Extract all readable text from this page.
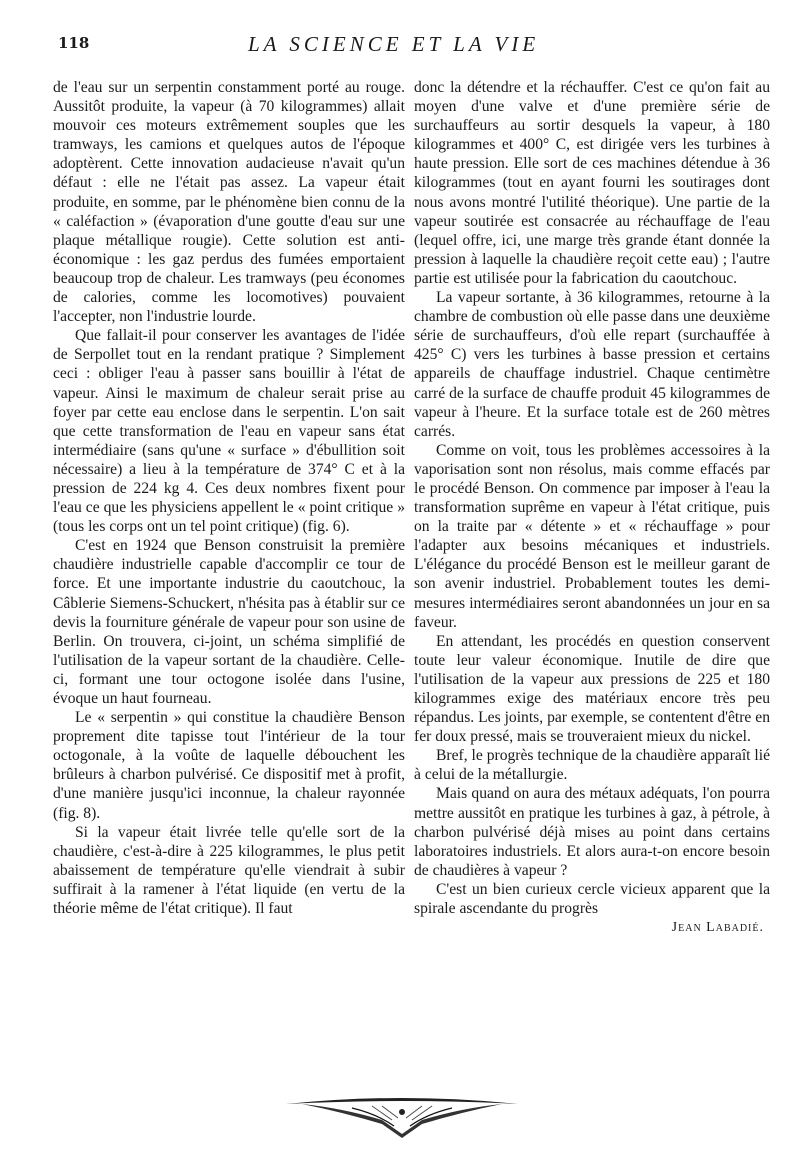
118	LA SCIENCE ET LA VIE

de l'eau sur un serpentin constamment porté au rouge. Aussitôt produite, la vapeur (à 70 kilogrammes) allait mouvoir ces moteurs extrêmement souples que les tramways, les camions et quelques autos de l'époque adoptèrent. Cette innovation audacieuse n'avait qu'un défaut : elle ne l'était pas assez. La vapeur était produite, en somme, par le phénomène bien connu de la « caléfaction » (évaporation d'une goutte d'eau sur une plaque métallique rougie). Cette solution est anti-économique : les gaz perdus des fumées emportaient beaucoup trop de chaleur. Les tramways (peu économes de calories, comme les locomotives) pouvaient l'accepter, non l'industrie lourde.

Que fallait-il pour conserver les avantages de l'idée de Serpollet tout en la rendant pratique ? Simplement ceci : obliger l'eau à passer sans bouillir à l'état de vapeur. Ainsi le maximum de chaleur serait prise au foyer par cette eau enclose dans le serpentin. L'on sait que cette transformation de l'eau en vapeur sans état intermédiaire (sans qu'une « surface » d'ébullition soit nécessaire) a lieu à la température de 374° C et à la pression de 224 kg 4. Ces deux nombres fixent pour l'eau ce que les physiciens appellent le « point critique » (tous les corps ont un tel point critique) (fig. 6).

C'est en 1924 que Benson construisit la première chaudière industrielle capable d'accomplir ce tour de force. Et une importante industrie du caoutchouc, la Câblerie Siemens-Schuckert, n'hésita pas à établir sur ce devis la fourniture générale de vapeur pour son usine de Berlin. On trouvera, ci-joint, un schéma simplifié de l'utilisation de la vapeur sortant de la chaudière. Celle-ci, formant une tour octogone isolée dans l'usine, évoque un haut fourneau.

Le « serpentin » qui constitue la chaudière Benson proprement dite tapisse tout l'intérieur de la tour octogonale, à la voûte de laquelle débouchent les brûleurs à charbon pulvérisé. Ce dispositif met à profit, d'une manière jusqu'ici inconnue, la chaleur rayonnée (fig. 8).

Si la vapeur était livrée telle qu'elle sort de la chaudière, c'est-à-dire à 225 kilogrammes, le plus petit abaissement de température qu'elle viendrait à subir suffirait à la ramener à l'état liquide (en vertu de la théorie même de l'état critique). Il faut

donc la détendre et la réchauffer. C'est ce qu'on fait au moyen d'une valve et d'une première série de surchauffeurs au sortir desquels la vapeur, à 180 kilogrammes et 400° C, est dirigée vers les turbines à haute pression. Elle sort de ces machines détendue à 36 kilogrammes (tout en ayant fourni les soutirages dont nous avons montré l'utilité théorique). Une partie de la vapeur soutirée est consacrée au réchauffage de l'eau (lequel offre, ici, une marge très grande étant donnée la pression à laquelle la chaudière reçoit cette eau) ; l'autre partie est utilisée pour la fabrication du caoutchouc.

La vapeur sortante, à 36 kilogrammes, retourne à la chambre de combustion où elle passe dans une deuxième série de surchauffeurs, d'où elle repart (surchauffée à 425° C) vers les turbines à basse pression et certains appareils de chauffage industriel. Chaque centimètre carré de la surface de chauffe produit 45 kilogrammes de vapeur à l'heure. Et la surface totale est de 260 mètres carrés.

Comme on voit, tous les problèmes accessoires à la vaporisation sont non résolus, mais comme effacés par le procédé Benson. On commence par imposer à l'eau la transformation suprême en vapeur à l'état critique, puis on la traite par « détente » et « réchauffage » pour l'adapter aux besoins mécaniques et industriels. L'élégance du procédé Benson est le meilleur garant de son avenir industriel. Probablement toutes les demi-mesures intermédiaires seront abandonnées un jour en sa faveur.

En attendant, les procédés en question conservent toute leur valeur économique. Inutile de dire que l'utilisation de la vapeur aux pressions de 225 et 180 kilogrammes exige des matériaux encore très peu répandus. Les joints, par exemple, se contentent d'être en fer doux pressé, mais se trouveraient mieux du nickel.

Bref, le progrès technique de la chaudière apparaît lié à celui de la métallurgie.

Mais quand on aura des métaux adéquats, l'on pourra mettre aussitôt en pratique les turbines à gaz, à pétrole, à charbon pulvérisé déjà mises au point dans certains laboratoires industriels. Et alors aura-t-on encore besoin de chaudières à vapeur ?

C'est un bien curieux cercle vicieux apparent que la spirale ascendante du progrès

Jean Labadié.
